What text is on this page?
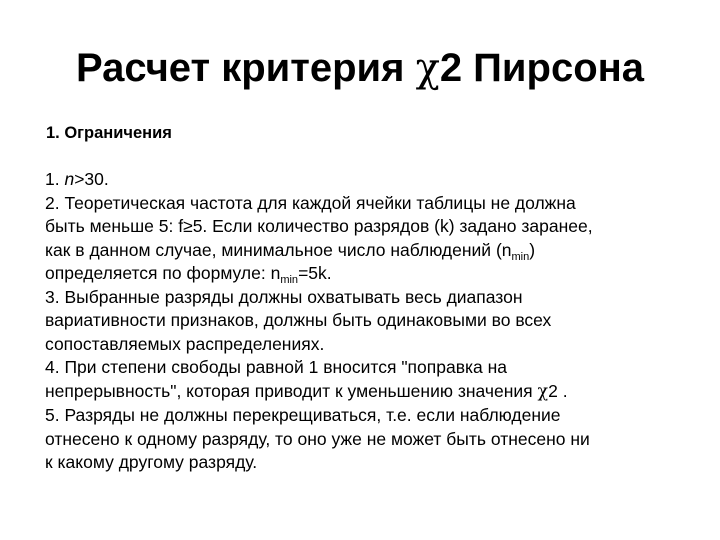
Расчет критерия χ2 Пирсона
1. Ограничения
1. n>30.
2. Теоретическая частота для каждой ячейки таблицы не должна
быть меньше 5: f≥5. Если количество разрядов (k) задано заранее,
как в данном случае, минимальное число наблюдений $(n_{min})$
определяется по формуле: $n_{min}=5k$.
3. Выбранные разряды должны охватывать весь диапазон
вариативности признаков, должны быть одинаковыми во всех
сопоставляемых распределениях.
4. При степени свободы равной 1 вносится "поправка на
непрерывность", которая приводит к уменьшению значения χ2 .
5. Разряды не должны перекрещиваться, т.е. если наблюдение
отнесено к одному разряду, то оно уже не может быть отнесено ни
к какому другому разряду.
